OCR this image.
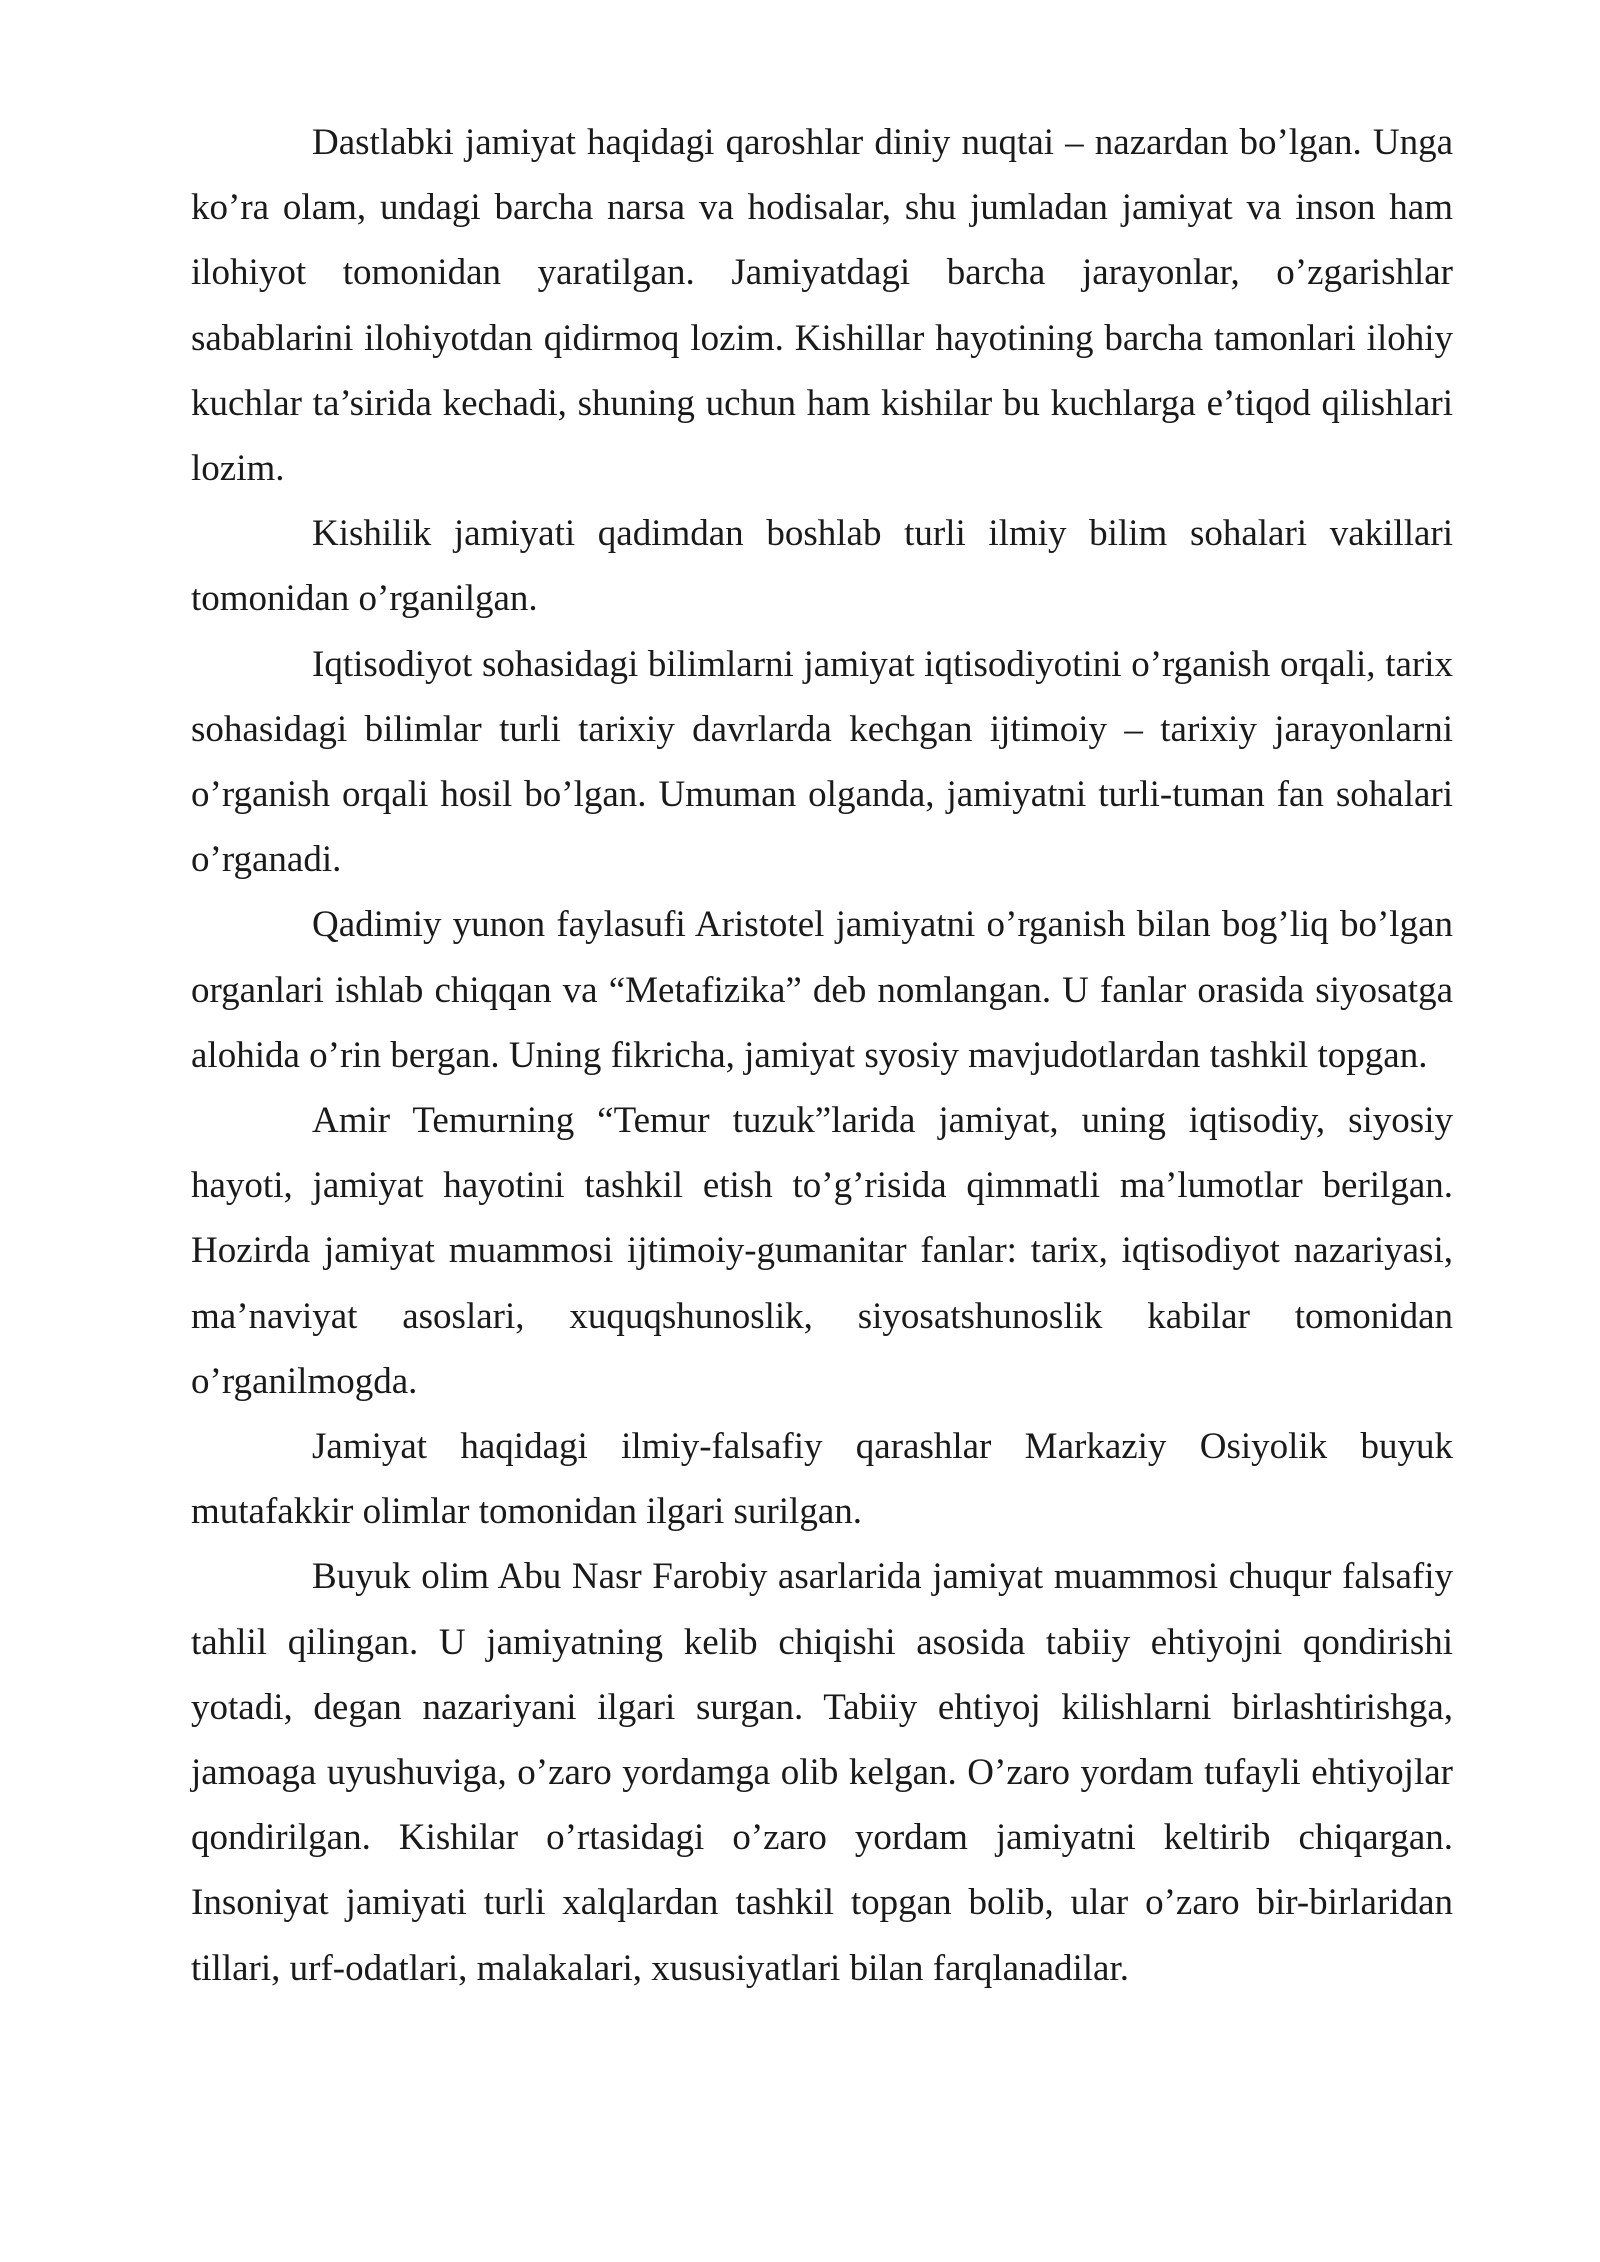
Dastlabki jamiyat haqidagi qaroshlar diniy nuqtai – nazardan bo’lgan. Unga ko’ra olam, undagi barcha narsa va hodisalar, shu jumladan jamiyat va inson ham ilohiyot tomonidan yaratilgan. Jamiyatdagi barcha jarayonlar, o’zgarishlar sabablarini ilohiyotdan qidirmoq lozim. Kishillar hayotining barcha tamonlari ilohiy kuchlar ta’sirida kechadi, shuning uchun ham kishilar bu kuchlarga e’tiqod qilishlari lozim.

Kishilik jamiyati qadimdan boshlab turli ilmiy bilim sohalari vakillari tomonidan o’rganilgan.

Iqtisodiyot sohasidagi bilimlarni jamiyat iqtisodiyotini o’rganish orqali, tarix sohasidagi bilimlar turli tarixiy davrlarda kechgan ijtimoiy – tarixiy jarayonlarni o’rganish orqali hosil bo’lgan. Umuman olganda, jamiyatni turli-tuman fan sohalari o’rganadi.

Qadimiy yunon faylasufi Aristotel jamiyatni o’rganish bilan bog’liq bo’lgan organlari ishlab chiqqan va “Metafizika” deb nomlangan. U fanlar orasida siyosatga alohida o’rin bergan. Uning fikricha, jamiyat syosiy mavjudotlardan tashkil topgan.

Amir Temurning “Temur tuzuk”larida jamiyat, uning iqtisodiy, siyosiy hayoti, jamiyat hayotini tashkil etish to’g’risida qimmatli ma’lumotlar berilgan. Hozirda jamiyat muammosi ijtimoiy-gumanitar fanlar: tarix, iqtisodiyot nazariyasi, ma’naviyat asoslari, xuquqshunoslik, siyosatshunoslik kabilar tomonidan o’rganilmogda.

Jamiyat haqidagi ilmiy-falsafiy qarashlar Markaziy Osiyolik buyuk mutafakkir olimlar tomonidan ilgari surilgan.

Buyuk olim Abu Nasr Farobiy asarlarida jamiyat muammosi chuqur falsafiy tahlil qilingan. U jamiyatning kelib chiqishi asosida tabiiy ehtiyojni qondirishi yotadi, degan nazariyani ilgari surgan. Tabiiy ehtiyoj kilishlarni birlashtirishga, jamoaga uyushuviga, o’zaro yordamga olib kelgan. O’zaro yordam tufayli ehtiyojlar qondirilgan. Kishilar o’rtasidagi o’zaro yordam jamiyatni keltirib chiqargan. Insoniyat jamiyati turli xalqlardan tashkil topgan bolib, ular o’zaro bir-birlaridan tillari, urf-odatlari, malakalari, xususiyatlari bilan farqlanadilar.
